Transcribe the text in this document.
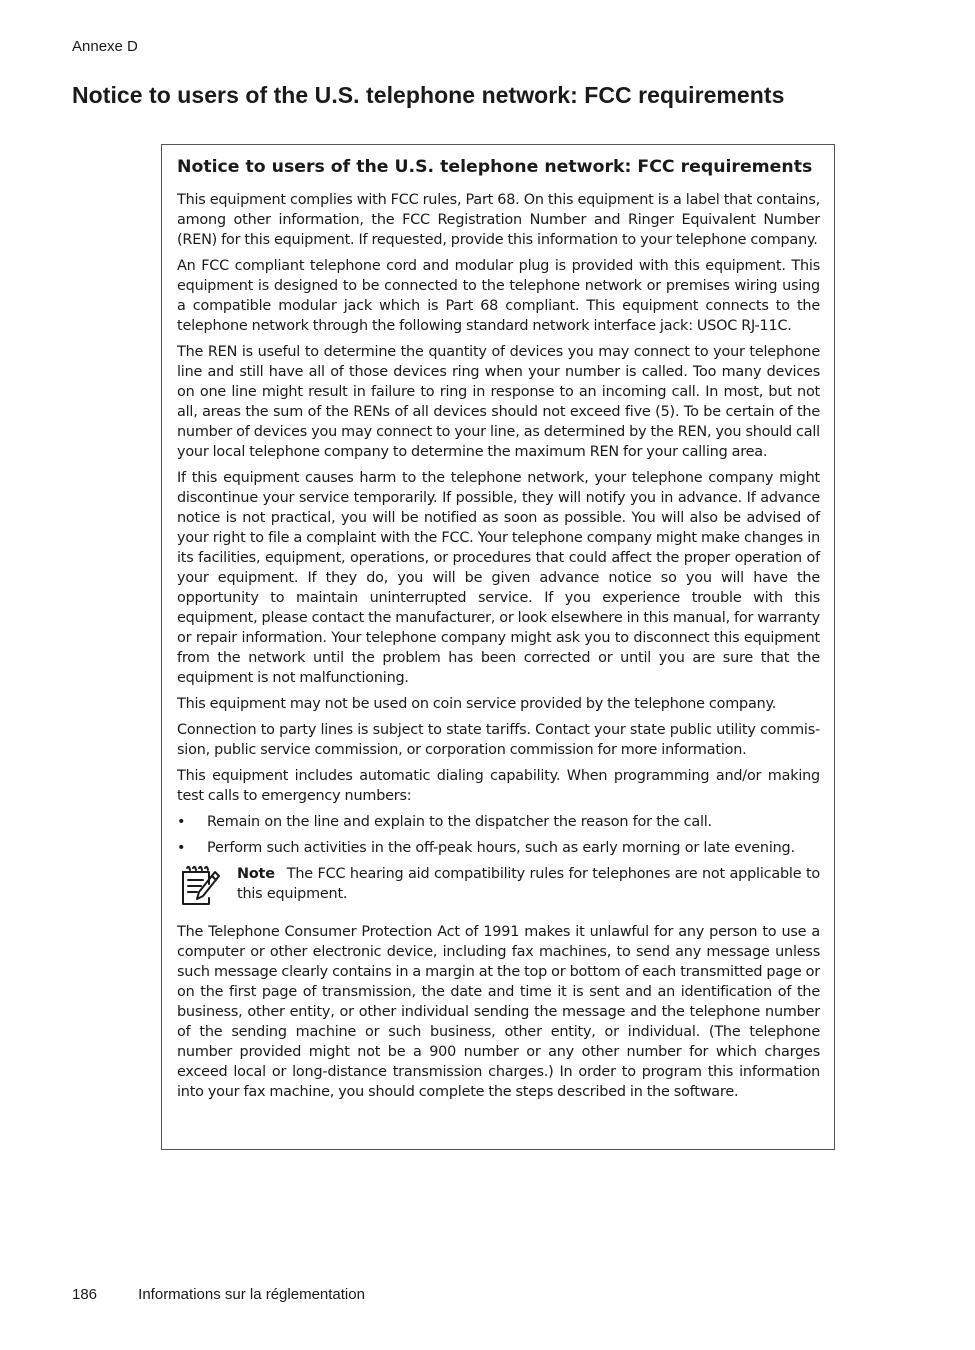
Annexe D
Notice to users of the U.S. telephone network: FCC requirements
Notice to users of the U.S. telephone network: FCC requirements

This equipment complies with FCC rules, Part 68. On this equipment is a label that contains, among other information, the FCC Registration Number and Ringer Equivalent Number (REN) for this equipment. If requested, provide this information to your telephone company.

An FCC compliant telephone cord and modular plug is provided with this equipment. This equipment is designed to be connected to the telephone network or premises wiring using a compatible modular jack which is Part 68 compliant. This equipment connects to the telephone network through the following standard network interface jack: USOC RJ-11C.

The REN is useful to determine the quantity of devices you may connect to your telephone line and still have all of those devices ring when your number is called. Too many devices on one line might result in failure to ring in response to an incoming call. In most, but not all, areas the sum of the RENs of all devices should not exceed five (5). To be certain of the number of devices you may connect to your line, as determined by the REN, you should call your local telephone company to determine the maximum REN for your calling area.

If this equipment causes harm to the telephone network, your telephone company might discontinue your service temporarily. If possible, they will notify you in advance. If advance notice is not practical, you will be notified as soon as possible. You will also be advised of your right to file a complaint with the FCC. Your telephone company might make changes in its facilities, equipment, operations, or procedures that could affect the proper operation of your equipment. If they do, you will be given advance notice so you will have the opportunity to maintain uninterrupted service. If you experience trouble with this equipment, please contact the manufacturer, or look elsewhere in this manual, for warranty or repair information. Your telephone company might ask you to disconnect this equipment from the network until the problem has been corrected or until you are sure that the equipment is not malfunctioning.

This equipment may not be used on coin service provided by the telephone company.

Connection to party lines is subject to state tariffs. Contact your state public utility commis-sion, public service commission, or corporation commission for more information.

This equipment includes automatic dialing capability. When programming and/or making test calls to emergency numbers:

• Remain on the line and explain to the dispatcher the reason for the call.
• Perform such activities in the off-peak hours, such as early morning or late evening.

Note The FCC hearing aid compatibility rules for telephones are not applicable to this equipment.

The Telephone Consumer Protection Act of 1991 makes it unlawful for any person to use a computer or other electronic device, including fax machines, to send any message unless such message clearly contains in a margin at the top or bottom of each transmitted page or on the first page of transmission, the date and time it is sent and an identification of the business, other entity, or other individual sending the message and the telephone number of the sending machine or such business, other entity, or individual. (The telephone number provided might not be a 900 number or any other number for which charges exceed local or long-distance transmission charges.) In order to program this information into your fax machine, you should complete the steps described in the software.

186	Informations sur la réglementation
